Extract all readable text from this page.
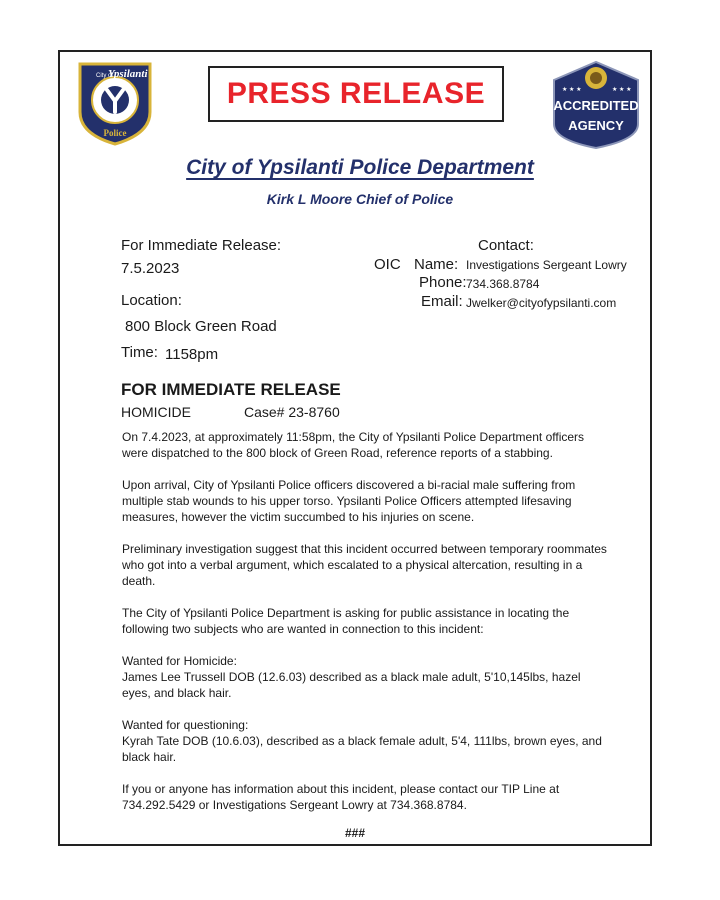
City of
Ypsilanti
Police
PRESS RELEASE	★ ★ ★	★ ★ ★
ACCREDITED
AGENCY
City of Ypsilanti Police Department
Kirk L Moore Chief of Police
For Immediate Release:
7.5.2023
Location:
800 Block Green Road
Time: 1158pm
Contact:
OIC Name: Investigations Sergeant Lowry
Phone: 734.368.8784
Email: Jwelker@cityofypsilanti.com
FOR IMMEDIATE RELEASE
HOMICIDE	Case# 23-8760

On 7.4.2023, at approximately 11:58pm, the City of Ypsilanti Police Department officers were dispatched to the 800 block of Green Road, reference reports of a stabbing.

Upon arrival, City of Ypsilanti Police officers discovered a bi-racial male suffering from multiple stab wounds to his upper torso. Ypsilanti Police Officers attempted lifesaving measures, however the victim succumbed to his injuries on scene.

Preliminary investigation suggest that this incident occurred between temporary roommates who got into a verbal argument, which escalated to a physical altercation, resulting in a death.

The City of Ypsilanti Police Department is asking for public assistance in locating the following two subjects who are wanted in connection to this incident:

Wanted for Homicide:

James Lee Trussell DOB (12.6.03) described as a black male adult, 5'10,145lbs, hazel eyes, and black hair.

Wanted for questioning:

Kyrah Tate DOB (10.6.03), described as a black female adult, 5'4, 111lbs, brown eyes, and black hair.

If you or anyone has information about this incident, please contact our TIP Line at 734.292.5429 or Investigations Sergeant Lowry at 734.368.8784.

###
